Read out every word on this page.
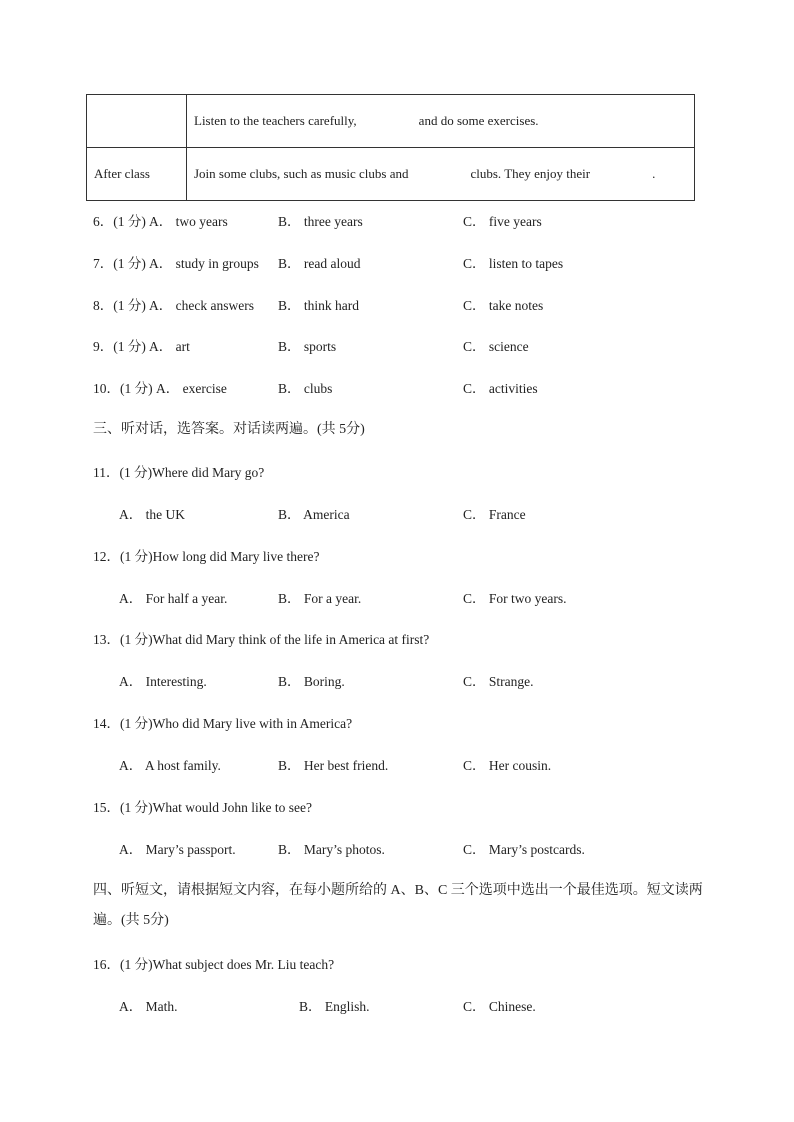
	Listen to the teachers carefully, and do some exercises.
After class	Join some clubs, such as music clubs and clubs. They enjoy their .
6．(1 分) A． two years	B． three years	C． five years
7．(1 分) A． study in groups B． read aloud	C． listen to tapes
8．(1 分) A． check answers B． think hard	C． take notes
9．(1 分) A． art	B． sports	C． science
10．(1 分) A． exercise	B． clubs	C． activities
三、听对话，选答案。对话读两遍。(共 5分)
11．(1 分)Where did Mary go?
A． the UK	B． America	C． France
12．(1 分)How long did Mary live there?
A． For half a year.	B． For a year.	C． For two years.
13．(1 分)What did Mary think of the life in America at first?
A． Interesting.	B． Boring.	C． Strange.
14．(1 分)Who did Mary live with in America?
A． A host family.	B． Her best friend.	C． Her cousin.
15．(1 分)What would John like to see?
A． Mary’s passport.	B． Mary’s photos.	C． Mary’s postcards.
四、听短文，请根据短文内容，在每小题所给的 A、B、C 三个选项中选出一个最佳选项。短文读两
遍。(共 5分)
16．(1 分)What subject does Mr. Liu teach?
A． Math.	B． English.	C． Chinese.
